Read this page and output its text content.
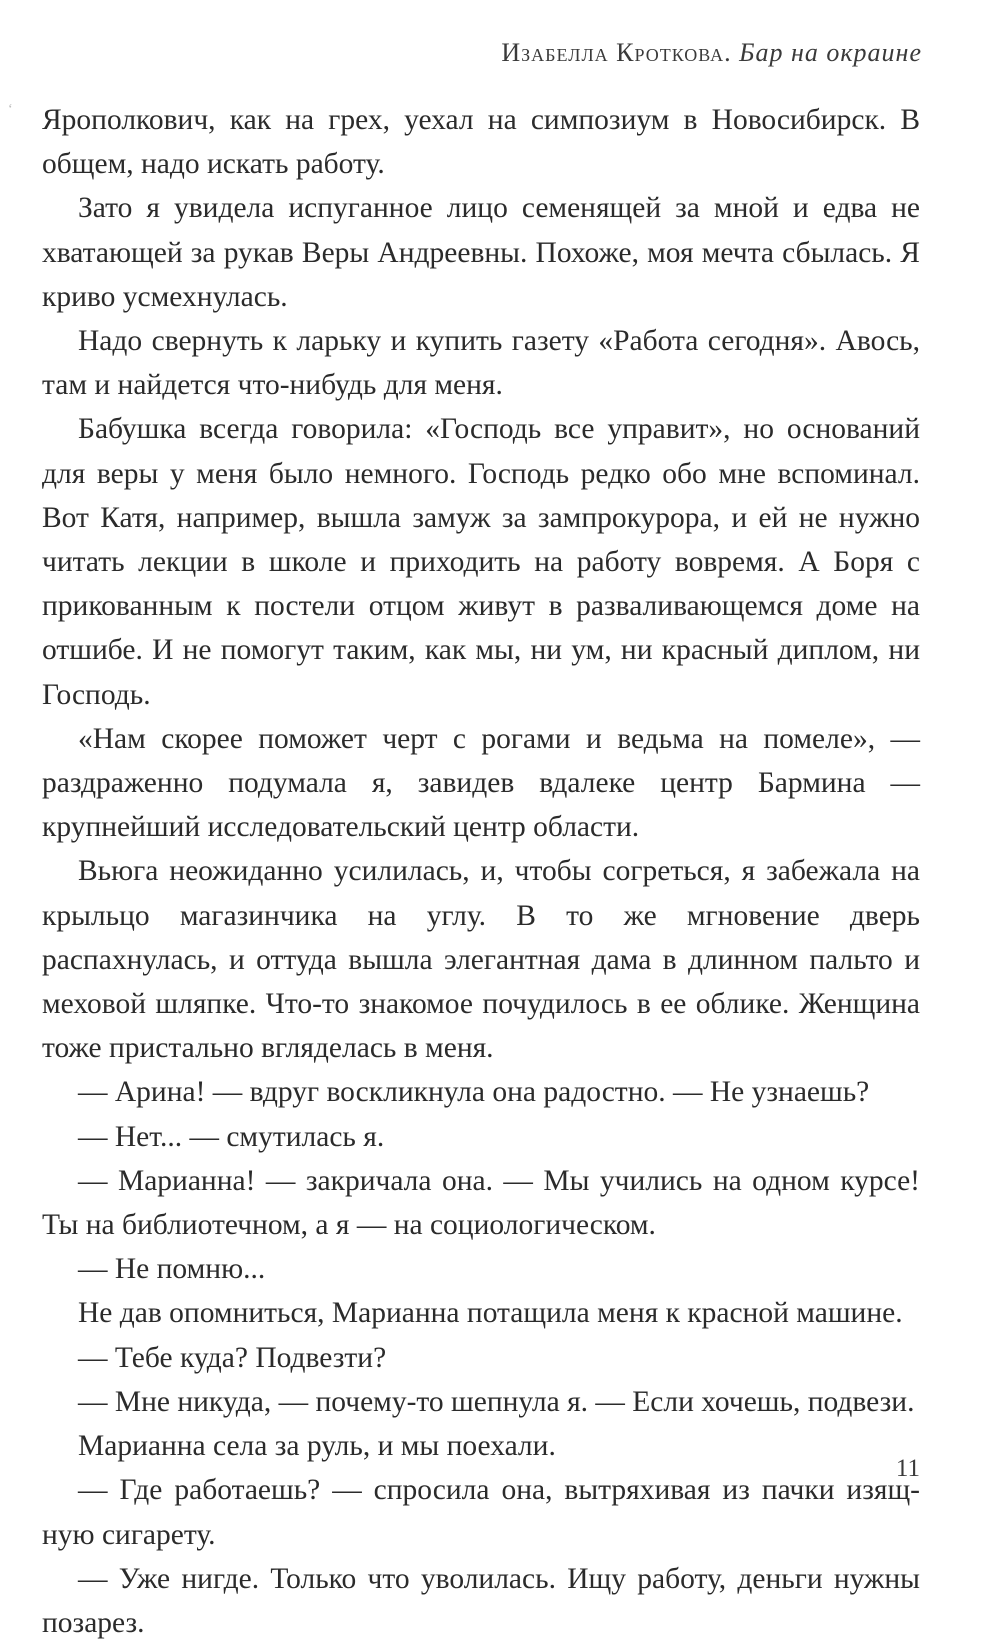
‘
Изабелла Кроткова. Бар на окраине

Ярополкович, как на грех, уехал на симпозиум в Новосибирск. В общем, надо искать работу.

Зато я увидела испуганное лицо семенящей за мной и едва не хватающей за рукав Веры Андреевны. Похоже, моя мечта сбылась. Я криво усмехнулась.

Надо свернуть к ларьку и купить газету «Работа сегодня». Авось, там и найдется что-нибудь для меня.

Бабушка всегда говорила: «Господь все управит», но оснований для веры у меня было немного. Господь редко обо мне вспоминал. Вот Катя, например, вышла замуж за зампрокурора, и ей не нужно читать лекции в школе и приходить на работу вовремя. А Боря с прикованным к постели отцом живут в разваливающемся доме на отшибе. И не помогут таким, как мы, ни ум, ни красный диплом, ни Господь.

«Нам скорее поможет черт с рогами и ведьма на помеле», — раздраженно подумала я, завидев вдалеке центр Бармина — крупнейший исследовательский центр области.

Вьюга неожиданно усилилась, и, чтобы согреться, я забежала на крыльцо магазинчика на углу. В то же мгновение дверь распахнулась, и оттуда вышла элегантная дама в длинном пальто и меховой шляпке. Что-то знакомое почудилось в ее облике. Женщина тоже пристально вгляделась в меня.

— Арина! — вдруг воскликнула она радостно. — Не узнаешь?

— Нет... — смутилась я.

— Марианна! — закричала она. — Мы учились на одном курсе! Ты на библиотечном, а я — на социологическом.

— Не помню...

Не дав опомниться, Марианна потащила меня к красной машине.

— Тебе куда? Подвезти?

— Мне никуда, — почему-то шепнула я. — Если хочешь, подвези.

Марианна села за руль, и мы поехали.

— Где работаешь? — спросила она, вытряхивая из пачки изящную сигарету.

— Уже нигде. Только что уволилась. Ищу работу, деньги нужны позарез.

11
